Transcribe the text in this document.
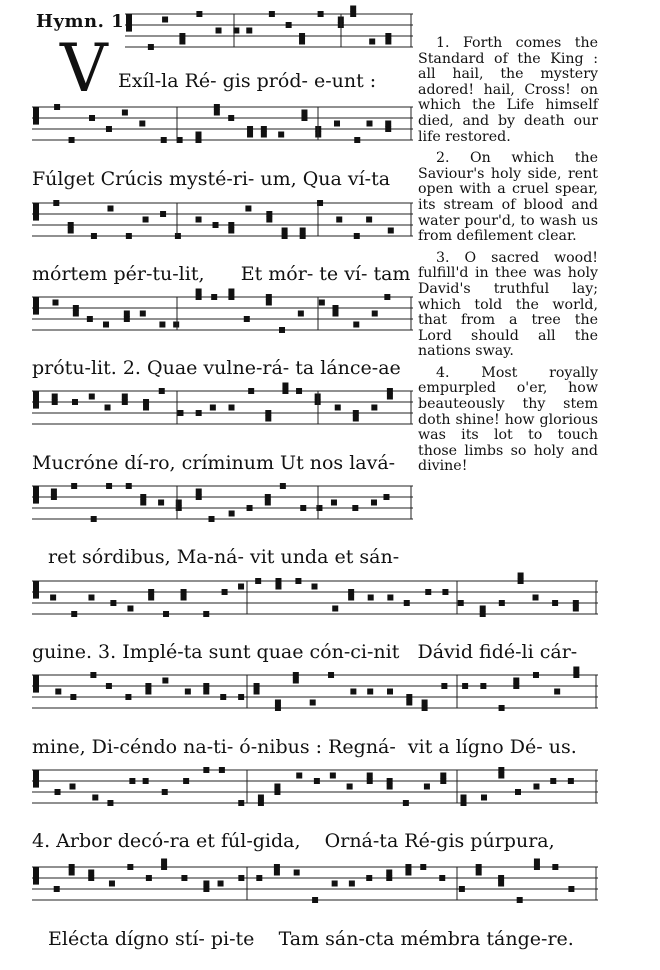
Hymn. 1
V Exíl-la Ré- gis pród- e-unt :
Fúlget Crúcis mysté-ri- um, Qua ví-ta
mórtem pér-tu-lit,      Et mór- te ví- tam
prótu-lit. 2. Quae vulne-rá- ta lánce-ae
Mucróne dí-ro, críminum Ut nos lavá-
ret sórdibus, Ma-ná- vit unda et sán-
guine. 3. Implé-ta sunt quae cón-ci-nit   Dávid fidé-li cár-
mine, Di-céndo na-ti- ó-nibus : Regná-  vit a lígno Dé- us.
4. Arbor decó-ra et fúl-gida,    Orná-ta Ré-gis púrpura,
Elécta dígno stí- pi-te    Tam sán-cta mémbra tánge-re.

1. Forth comes the Standard of the King : all hail, the mystery adored! hail, Cross! on which the Life himself died, and by death our life restored.

2. On which the Saviour's holy side, rent open with a cruel spear, its stream of blood and water pour'd, to wash us from defilement clear.

3. O sacred wood! fulfill'd in thee was holy David's truthful lay; which told the world, that from a tree the Lord should all the nations sway.

4. Most royally empurpled o'er, how beauteously thy stem doth shine! how glorious was its lot to touch those limbs so holy and divine!
